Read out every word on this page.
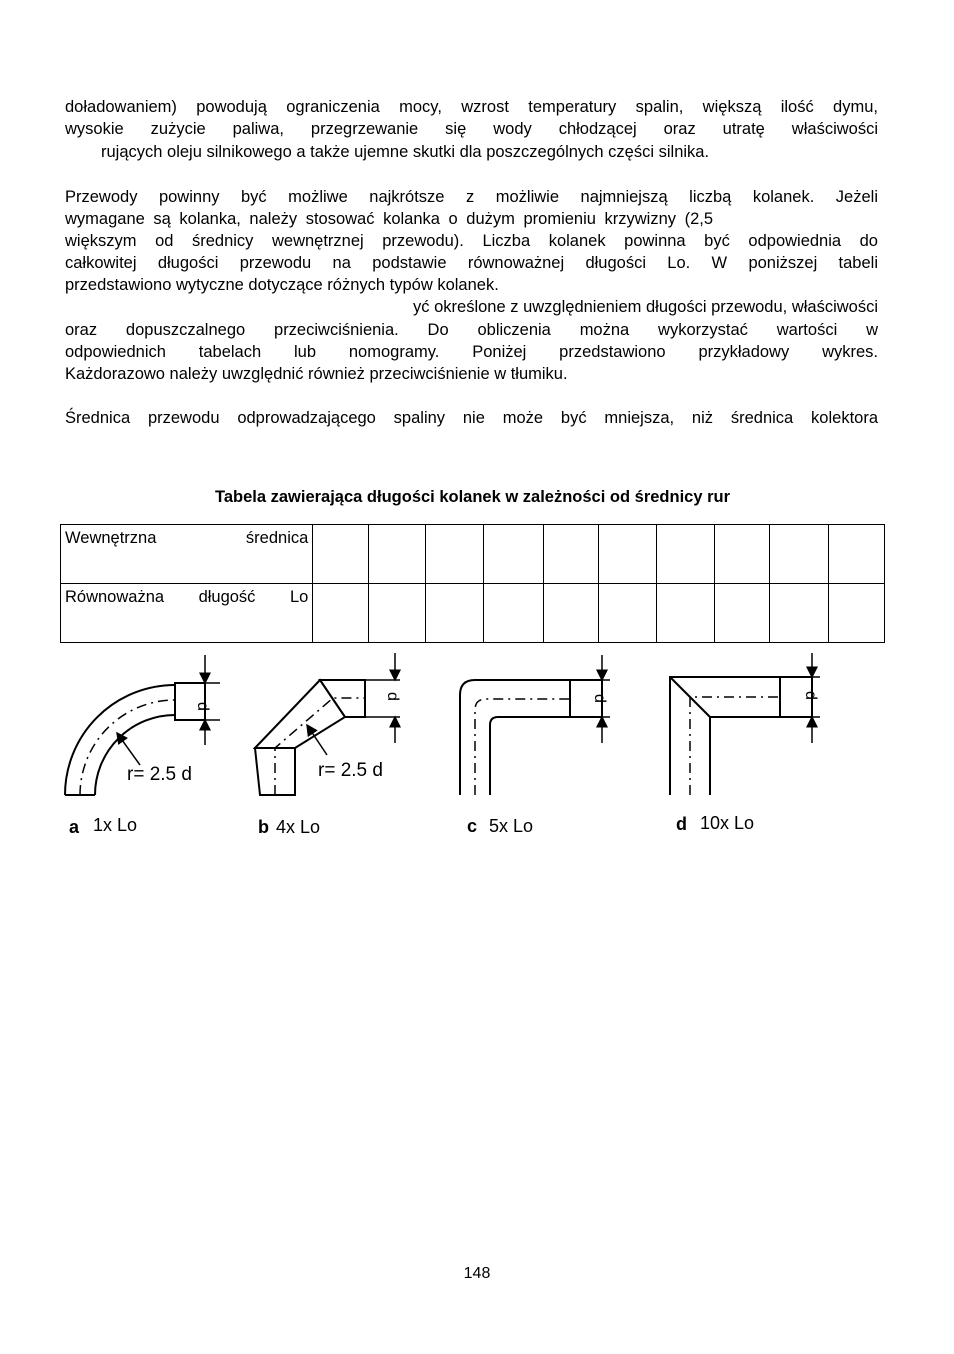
doładowaniem) powodują ograniczenia mocy, wzrost temperatury spalin, większą ilość dymu,
wysokie zużycie paliwa, przegrzewanie się wody chłodzącej oraz utratę właściwości
rujących oleju silnikowego a także ujemne skutki dla poszczególnych części silnika.
Przewody powinny być możliwe najkrótsze z możliwie najmniejszą liczbą kolanek. Jeżeli
wymagane są kolanka, należy stosować kolanka o dużym promieniu krzywizny (2,5
większym od średnicy wewnętrznej przewodu). Liczba kolanek powinna być odpowiednia do
całkowitej długości przewodu na podstawie równoważnej długości Lo. W poniższej tabeli
przedstawiono wytyczne dotyczące różnych typów kolanek.
yć określone z uwzględnieniem długości przewodu, właściwości
oraz dopuszczalnego przeciwciśnienia. Do obliczenia można wykorzystać wartości w
odpowiednich tabelach lub nomogramy. Poniżej przedstawiono przykładowy wykres.
Każdorazowo należy uwzględnić również przeciwciśnienie w tłumiku.
Średnica przewodu odprowadzającego spaliny nie może być mniejsza, niż średnica kolektora
Tabela zawierająca długości kolanek w zależności od średnicy rur
Wewnętrzna średnica										
Równoważna długość Lo										
d
r= 2.5 d
d
r= 2.5 d
d	d
a 1x Lo	b 4x Lo	c 5x Lo	d 10x Lo
148
